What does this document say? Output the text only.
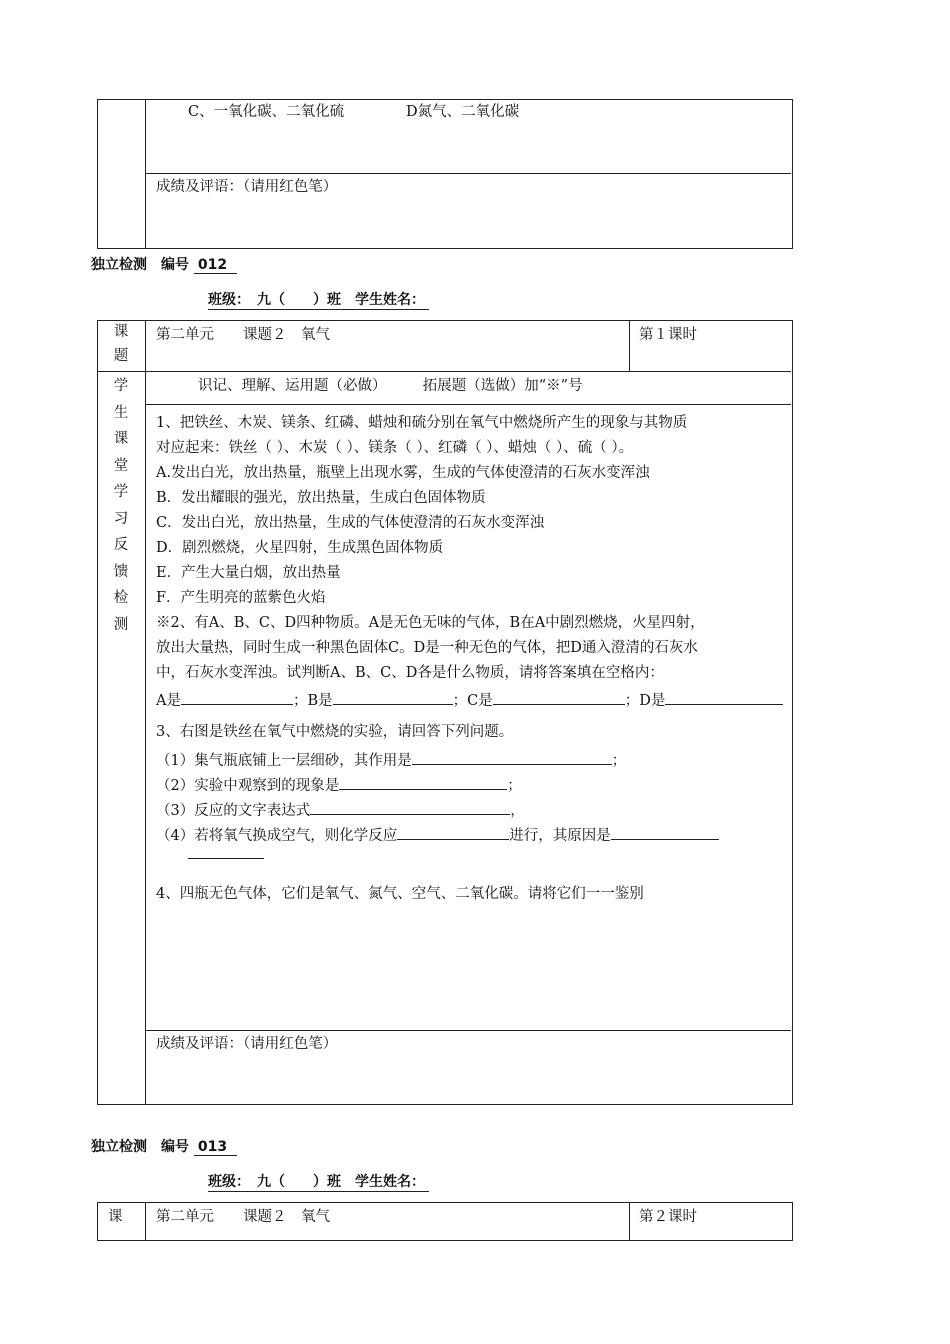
C、一氧化碳、二氧化硫	D氮气、二氧化碳
成绩及评语：（请用红色笔）
独立检测　编号 012
班级：　九（　　）班　学生姓名：
课题
第二单元　　课题２　氧气	第１课时
学生课堂学习反馈检测
识记、理解、运用题（必做）　　　拓展题（选做）加“※”号
1、把铁丝、木炭、镁条、红磷、蜡烛和硫分别在氧气中燃烧所产生的现象与其物质
对应起来：铁丝（ ）、木炭（ ）、镁条（ ）、红磷（ ）、蜡烛（ ）、硫（ ）。
A.发出白光，放出热量，瓶壁上出现水雾，生成的气体使澄清的石灰水变浑浊
B．发出耀眼的强光，放出热量，生成白色固体物质
C．发出白光，放出热量，生成的气体使澄清的石灰水变浑浊
D．剧烈燃烧，火星四射，生成黑色固体物质
E．产生大量白烟，放出热量
F．产生明亮的蓝紫色火焰
※2、有A、B、C、D四种物质。A是无色无味的气体，B在A中剧烈燃烧，火星四射，
放出大量热，同时生成一种黑色固体C。D是一种无色的气体，把D通入澄清的石灰水
中，石灰水变浑浊。试判断A、B、C、D各是什么物质，请将答案填在空格内：
A是	；B是	；C是	；D是
3、右图是铁丝在氧气中燃烧的实验，请回答下列问题。
（1）集气瓶底铺上一层细砂，其作用是	；
（2）实验中观察到的现象是	；
（3）反应的文字表达式	，
（4）若将氧气换成空气，则化学反应	进行，其原因是
4、四瓶无色气体，它们是氧气、氮气、空气、二氧化碳。请将它们一一鉴别
成绩及评语：（请用红色笔）
独立检测　编号 013
班级：　九（　　）班　学生姓名：
课 第二单元　　课题２　氧气	第２课时
